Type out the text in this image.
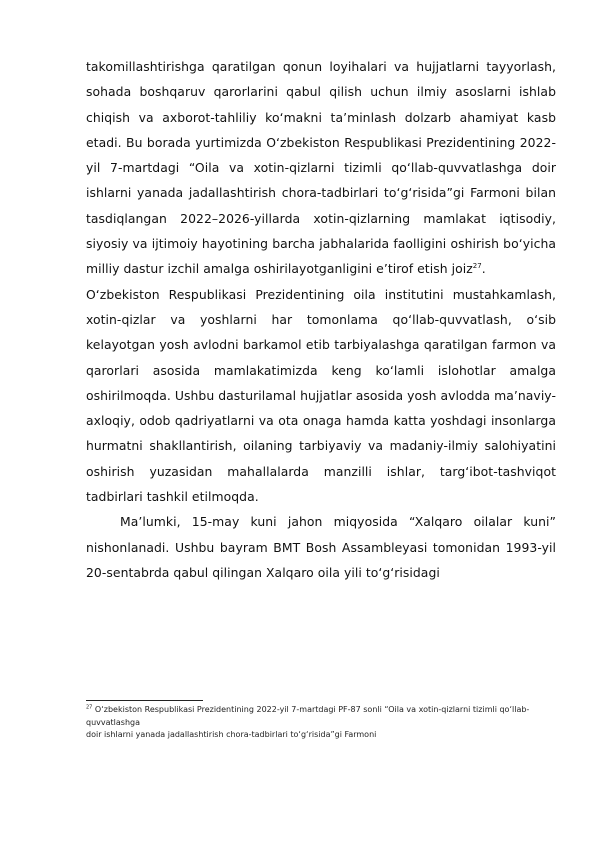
takomillashtirishga qaratilgan qonun loyihalari va hujjatlarni tayyorlash, sohada boshqaruv qarorlarini qabul qilish uchun ilmiy asoslarni ishlab chiqish va axborot-tahliliy ko‘makni ta’minlash dolzarb ahamiyat kasb etadi. Bu borada yurtimizda O‘zbekiston Respublikasi Prezidentining 2022-yil 7-martdagi “Oila va xotin-qizlarni tizimli qo‘llab-quvvatlashga doir ishlarni yanada jadallashtirish chora-tadbirlari to‘g‘risida”gi Farmoni bilan tasdiqlangan 2022–2026-yillarda xotin-qizlarning mamlakat iqtisodiy, siyosiy va ijtimoiy hayotining barcha jabhalarida faolligini oshirish bo‘yicha milliy dastur izchil amalga oshirilayotganligini e’tirof etish joiz$^{27}$.

O‘zbekiston Respublikasi Prezidentining oila institutini mustahkamlash, xotin-qizlar va yoshlarni har tomonlama qo‘llab-quvvatlash, o‘sib kelayotgan yosh avlodni barkamol etib tarbiyalashga qaratilgan farmon va qarorlari asosida mamlakatimizda keng ko‘lamli islohotlar amalga oshirilmoqda. Ushbu dasturilamal hujjatlar asosida yosh avlodda ma’naviy-axloqiy, odob qadriyatlarni va ota onaga hamda katta yoshdagi insonlarga hurmatni shakllantirish, oilaning tarbiyaviy va madaniy-ilmiy salohiyatini oshirish yuzasidan mahallalarda manzilli ishlar, targ‘ibot-tashviqot tadbirlari tashkil etilmoqda.

Ma’lumki, 15-may kuni jahon miqyosida “Xalqaro oilalar kuni” nishonlanadi. Ushbu bayram BMT Bosh Assambleyasi tomonidan 1993-yil 20-sentabrda qabul qilingan Xalqaro oila yili to‘g‘risidagi

$^{27}$ O‘zbekiston Respublikasi Prezidentining 2022-yil 7-martdagi PF-87 sonli “Oila va xotin-qizlarni tizimli qo‘llab-quvvatlashga
doir ishlarni yanada jadallashtirish chora-tadbirlari to‘g‘risida”gi Farmoni
